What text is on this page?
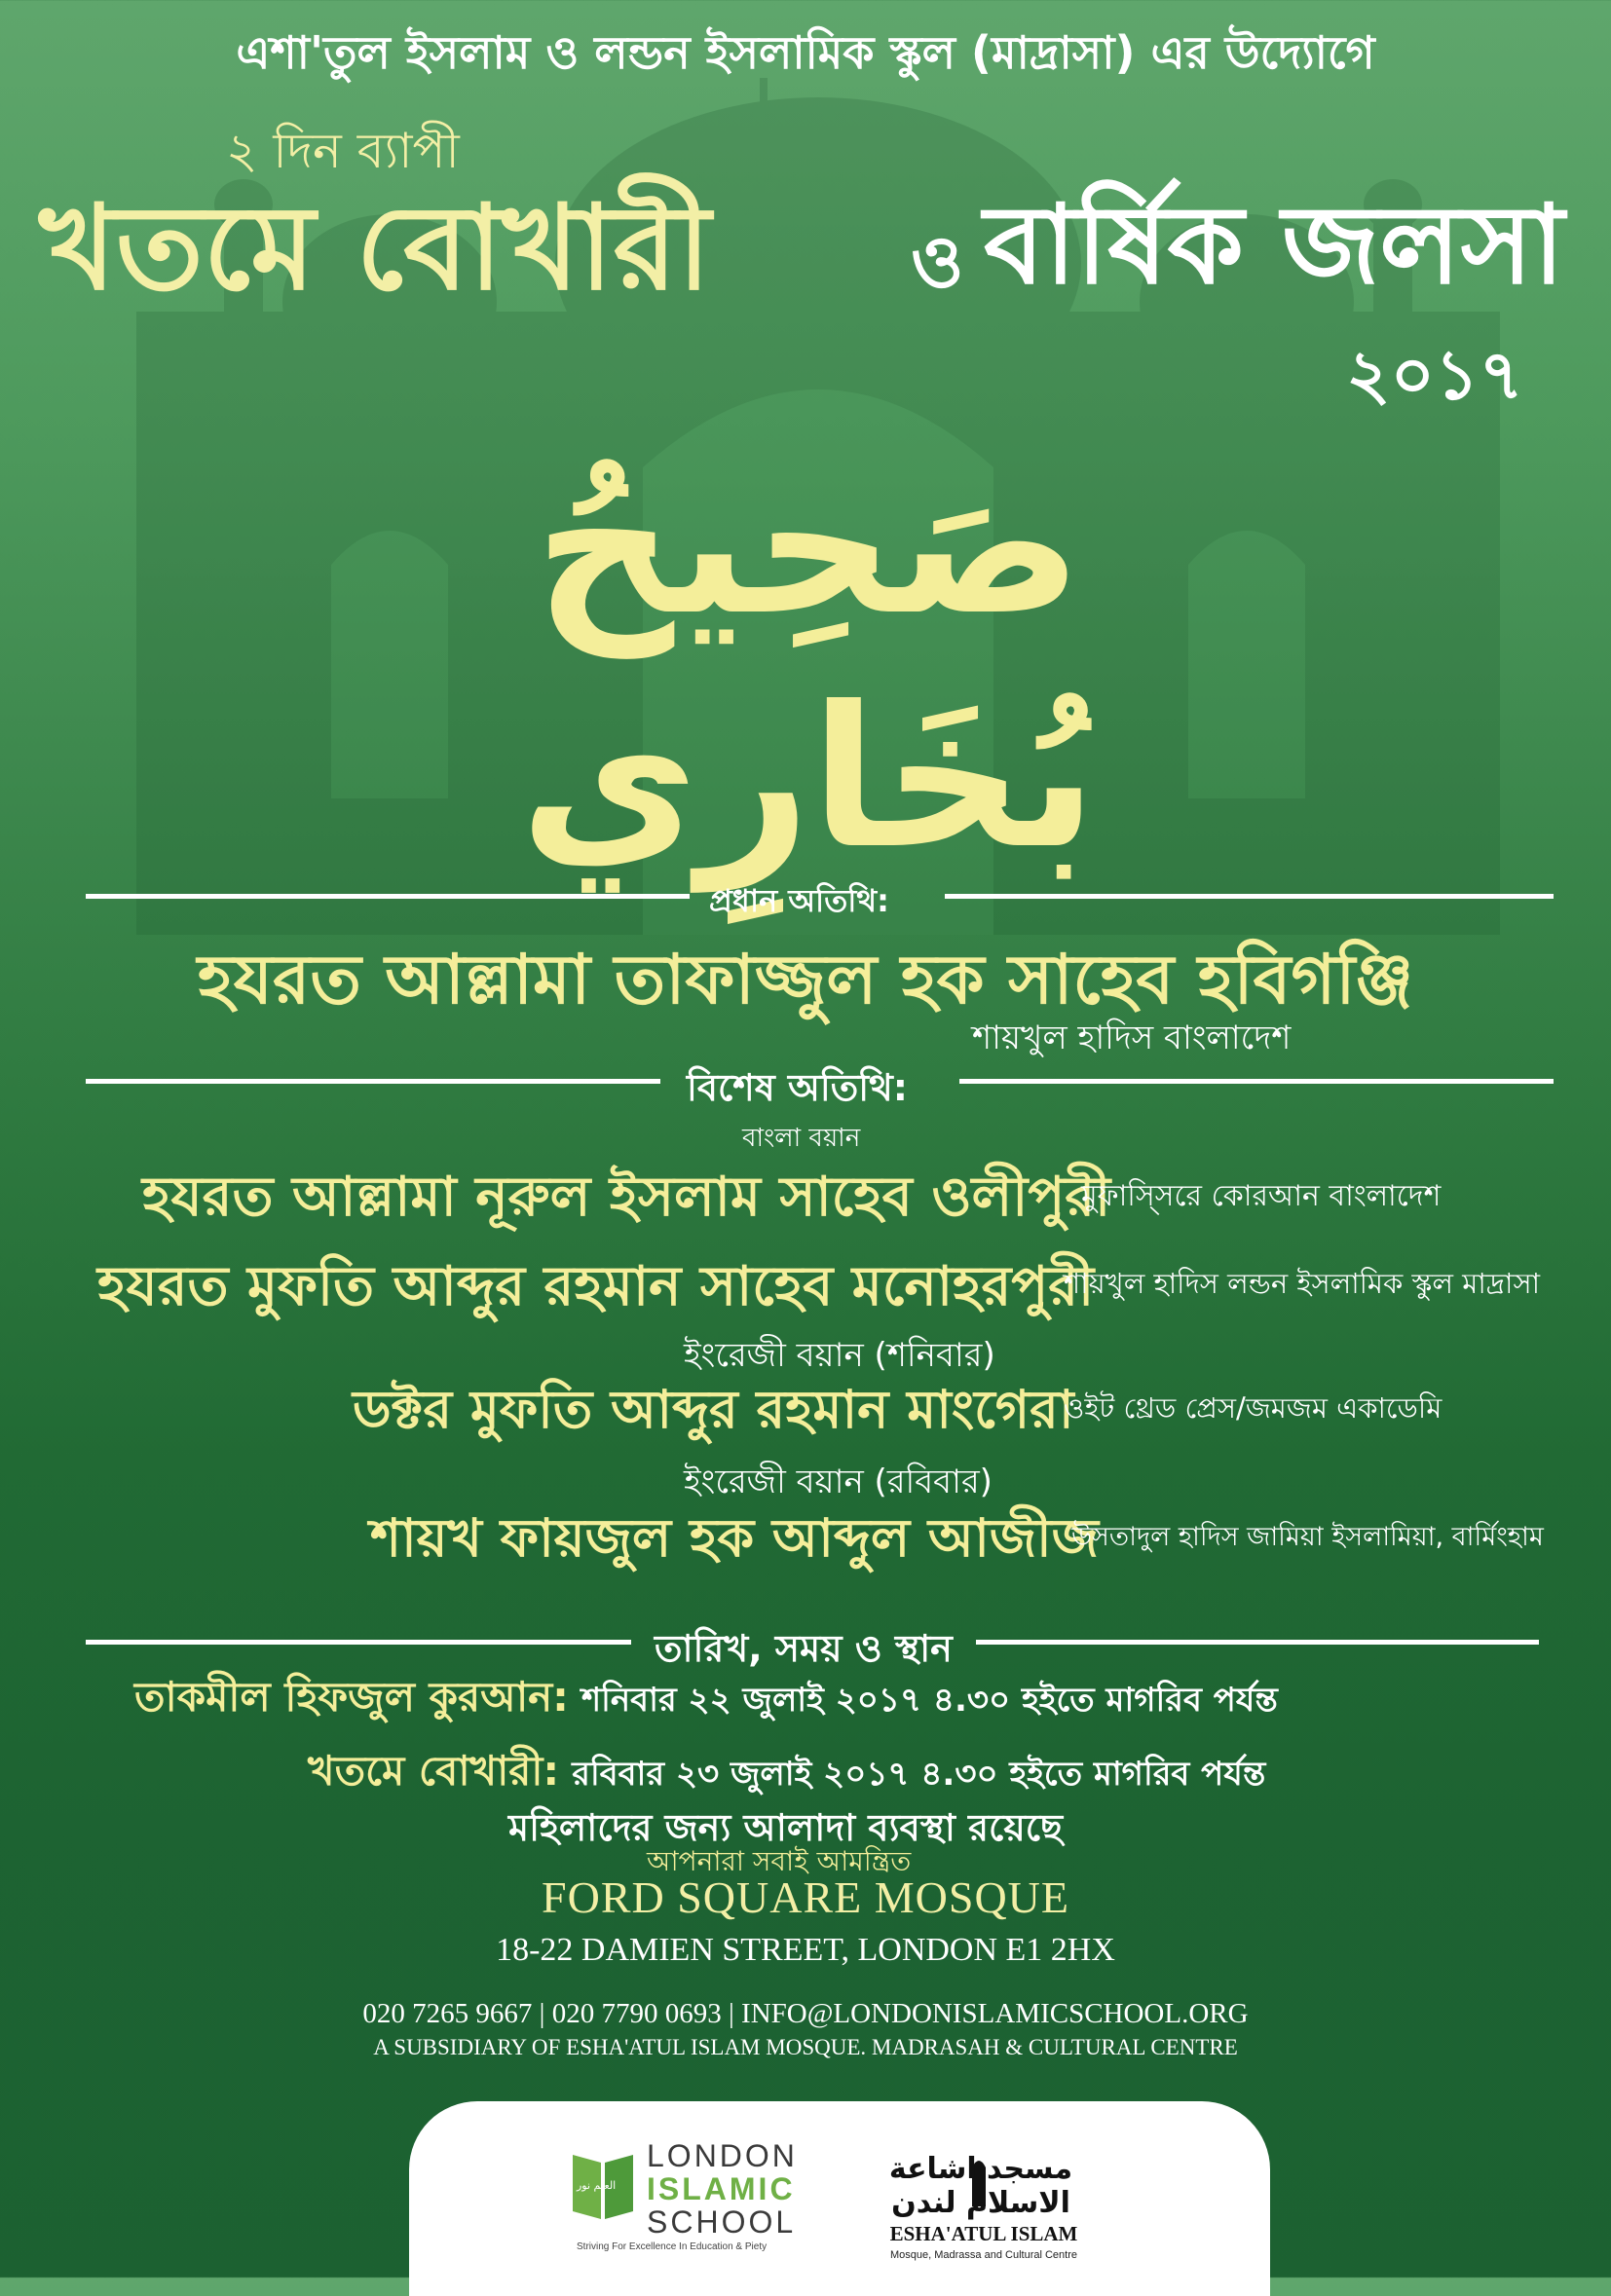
এশা'তুল ইসলাম ও লন্ডন ইসলামিক স্কুল (মাদ্রাসা) এর উদ্যোগে
২ দিন ব্যাপী
খতমে বোখারী	ও বার্ষিক জলসা
২০১৭
صَحِيحُ بُخَارِي
প্রধান অতিথি:
হযরত আল্লামা তাফাজ্জুল হক সাহেব হবিগঞ্জি
শায়খুল হাদিস বাংলাদেশ
বিশেষ অতিথি:
বাংলা বয়ান
হযরত আল্লামা নূরুল ইসলাম সাহেব ওলীপুরী
মুফাস্সিরে কোরআন বাংলাদেশ
হযরত মুফতি আব্দুর রহমান সাহেব মনোহরপুরী
শায়খুল হাদিস লন্ডন ইসলামিক স্কুল মাদ্রাসা
ইংরেজী বয়ান (শনিবার)
ডক্টর মুফতি আব্দুর রহমান মাংগেরা
ওইট থ্রেড প্রেস/জমজম একাডেমি
ইংরেজী বয়ান (রবিবার)
শায়খ ফায়জুল হক আব্দুল আজীজ
উসতাদুল হাদিস জামিয়া ইসলামিয়া, বার্মিংহাম
তারিখ, সময় ও স্থান
তাকমীল হিফজুল কুরআন: শনিবার ২২ জুলাই ২০১৭ ৪.৩০ হইতে মাগরিব পর্যন্ত
খতমে বোখারী: রবিবার ২৩ জুলাই ২০১৭ ৪.৩০ হইতে মাগরিব পর্যন্ত
মহিলাদের জন্য আলাদা ব্যবস্থা রয়েছে
আপনারা সবাই আমন্ত্রিত
FORD SQUARE MOSQUE
18-22 DAMIEN STREET, LONDON E1 2HX
020 7265 9667 | 020 7790 0693 | INFO@LONDONISLAMICSCHOOL.ORG
A SUBSIDIARY OF ESHA'ATUL ISLAM MOSQUE. MADRASAH & CULTURAL CENTRE
العلم نور
LONDON
ISLAMIC
SCHOOL
Striving For Excellence In Education & Piety
مسجد اشاعة الاسلام لندن
ESHA'ATUL ISLAM
Mosque, Madrassa and Cultural Centre
